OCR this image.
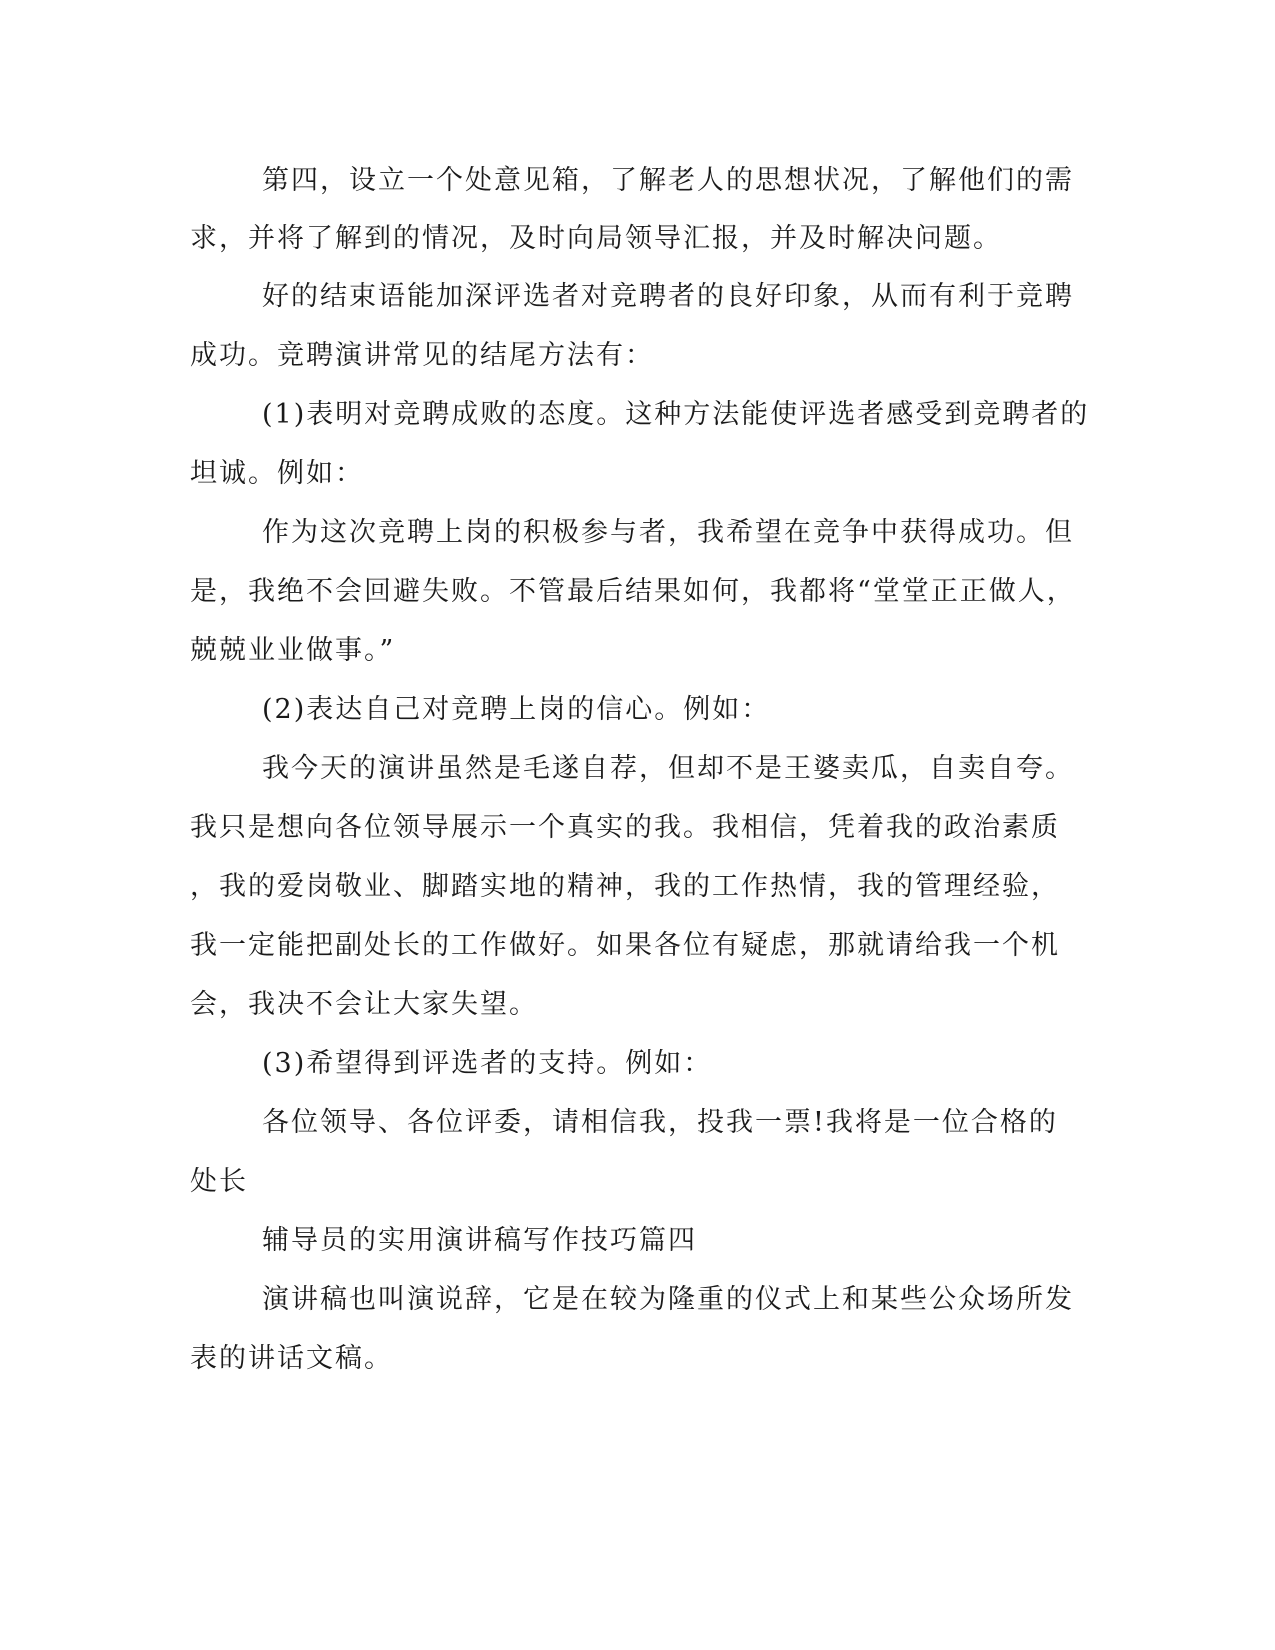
第四，设立一个处意见箱，了解老人的思想状况，了解他们的需
求，并将了解到的情况，及时向局领导汇报，并及时解决问题。
好的结束语能加深评选者对竞聘者的良好印象，从而有利于竞聘
成功。竞聘演讲常见的结尾方法有：
(1)表明对竞聘成败的态度。这种方法能使评选者感受到竞聘者的
坦诚。例如：
作为这次竞聘上岗的积极参与者，我希望在竞争中获得成功。但
是，我绝不会回避失败。不管最后结果如何，我都将“堂堂正正做人，
兢兢业业做事。”
(2)表达自己对竞聘上岗的信心。例如：
我今天的演讲虽然是毛遂自荐，但却不是王婆卖瓜，自卖自夸。
我只是想向各位领导展示一个真实的我。我相信，凭着我的政治素质
，我的爱岗敬业、脚踏实地的精神，我的工作热情，我的管理经验，
我一定能把副处长的工作做好。如果各位有疑虑，那就请给我一个机
会，我决不会让大家失望。
(3)希望得到评选者的支持。例如：
各位领导、各位评委，请相信我，投我一票!我将是一位合格的
处长
辅导员的实用演讲稿写作技巧篇四
演讲稿也叫演说辞，它是在较为隆重的仪式上和某些公众场所发
表的讲话文稿。
